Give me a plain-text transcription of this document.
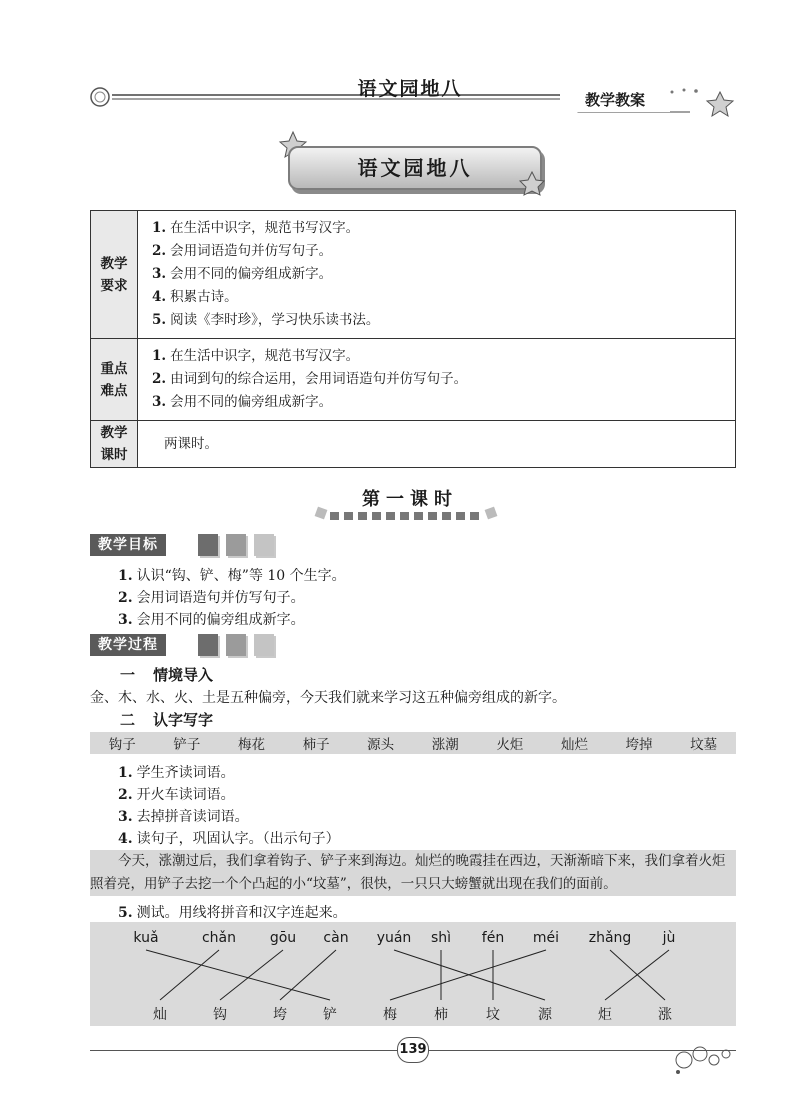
语文园地八	教学教案
语文园地八
教学要求	1. 在生活中识字，规范书写汉字。
2. 会用词语造句并仿写句子。
3. 会用不同的偏旁组成新字。
4. 积累古诗。
5. 阅读《李时珍》，学习快乐读书法。

重点难点	1. 在生活中识字，规范书写汉字。
2. 由词到句的综合运用，会用词语造句并仿写句子。
3. 会用不同的偏旁组成新字。

教学课时	两课时。
第一课时
教学目标
1. 认识“钩、铲、梅”等 10 个生字。
2. 会用词语造句并仿写句子。
3. 会用不同的偏旁组成新字。
教学过程
一 情境导入
金、木、水、火、土是五种偏旁，今天我们就来学习这五种偏旁组成的新字。
二 认字写字
钩子	铲子	梅花	柿子	源头	涨潮	火炬	灿烂	垮掉	坟墓
1. 学生齐读词语。
2. 开火车读词语。
3. 去掉拼音读词语。
4. 读句子，巩固认字。（出示句子）
今天，涨潮过后，我们拿着钩子、铲子来到海边。灿烂的晚霞挂在西边，天渐渐暗下来，我们拿着火炬照着亮，用铲子去挖一个个凸起的小“坟墓”，很快，一只只大螃蟹就出现在我们的面前。
5. 测试。用线将拼音和汉字连起来。
kuǎ	chǎn	gōu	càn	yuán	shì	fén	méi	zhǎng	jù
灿	钩	垮	铲	梅	柿	坟	源	炬	涨
139
